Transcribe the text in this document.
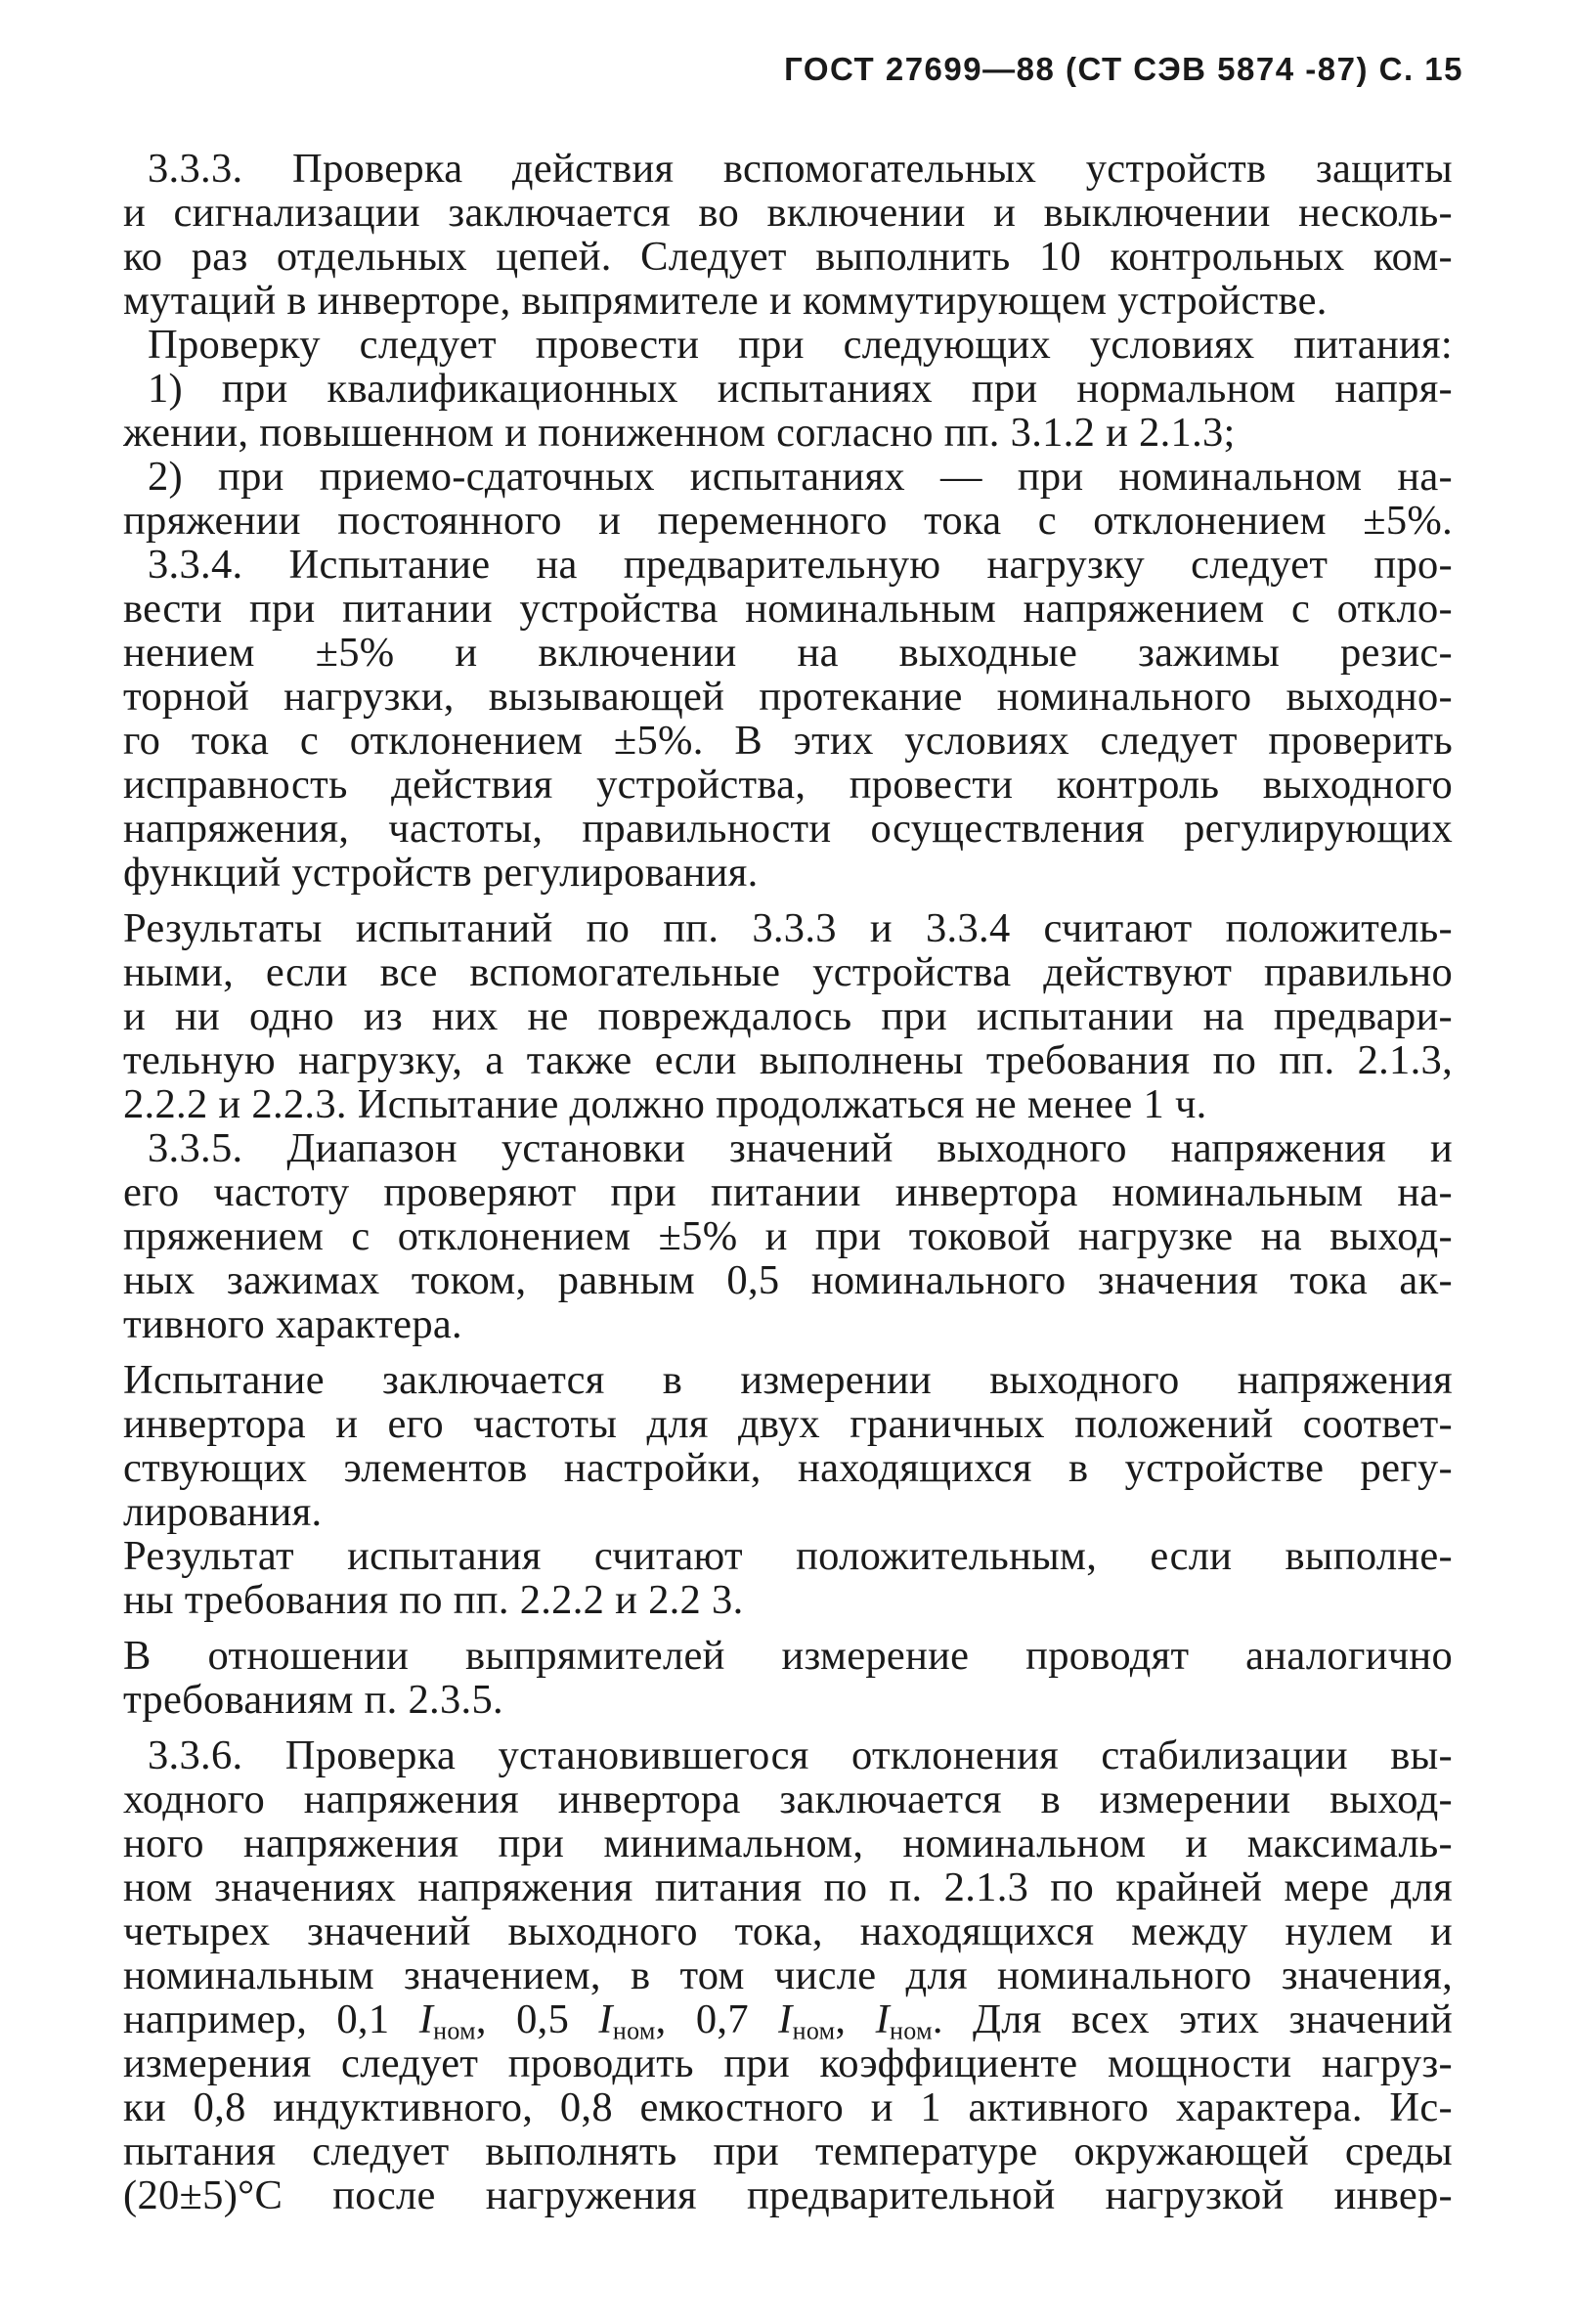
ГОСТ 27699—88 (СТ СЭВ 5874 -87) С. 15
3.3.3. Проверка действия вспомогательных устройств защиты
и сигнализации заключается во включении и выключении несколь-
ко раз отдельных цепей. Следует выполнить 10 контрольных ком-
мутаций в инверторе, выпрямителе и коммутирующем устройстве.
Проверку следует провести при следующих условиях питания:
1) при квалификационных испытаниях при нормальном напря-
жении, повышенном и пониженном согласно пп. 3.1.2 и 2.1.3;
2) при приемо-сдаточных испытаниях — при номинальном на-
пряжении постоянного и переменного тока с отклонением ±5%.
3.3.4. Испытание на предварительную нагрузку следует про-
вести при питании устройства номинальным напряжением с откло-
нением ±5% и включении на выходные зажимы резис-
торной нагрузки, вызывающей протекание номинального выходно-
го тока с отклонением ±5%. В этих условиях следует проверить
исправность действия устройства, провести контроль выходного
напряжения, частоты, правильности осуществления регулирующих
функций устройств регулирования.
Результаты испытаний по пп. 3.3.3 и 3.3.4 считают положитель-
ными, если все вспомогательные устройства действуют правильно
и ни одно из них не повреждалось при испытании на предвари-
тельную нагрузку, а также если выполнены требования по пп. 2.1.3,
2.2.2 и 2.2.3. Испытание должно продолжаться не менее 1 ч.
3.3.5. Диапазон установки значений выходного напряжения и
его частоту проверяют при питании инвертора номинальным на-
пряжением с отклонением ±5% и при токовой нагрузке на выход-
ных зажимах током, равным 0,5 номинального значения тока ак-
тивного характера.
Испытание заключается в измерении выходного напряжения
инвертора и его частоты для двух граничных положений соответ-
ствующих элементов настройки, находящихся в устройстве регу-
лирования.
Результат испытания считают положительным, если выполне-
ны требования по пп. 2.2.2 и 2.2 3.
В отношении выпрямителей измерение проводят аналогично
требованиям п. 2.3.5.
3.3.6. Проверка установившегося отклонения стабилизации вы-
ходного напряжения инвертора заключается в измерении выход-
ного напряжения при минимальном, номинальном и максималь-
ном значениях напряжения питания по п. 2.1.3 по крайней мере для
четырех значений выходного тока, находящихся между нулем и
номинальным значением, в том числе для номинального значения,
например, 0,1 $I_{ном}$, 0,5 $I_{ном}$, 0,7 $I_{ном}$, $I_{ном}$. Для всех этих значений
измерения следует проводить при коэффициенте мощности нагруз-
ки 0,8 индуктивного, 0,8 емкостного и 1 активного характера. Ис-
пытания следует выполнять при температуре окружающей среды
(20±5)°C после нагружения предварительной нагрузкой инвер-
